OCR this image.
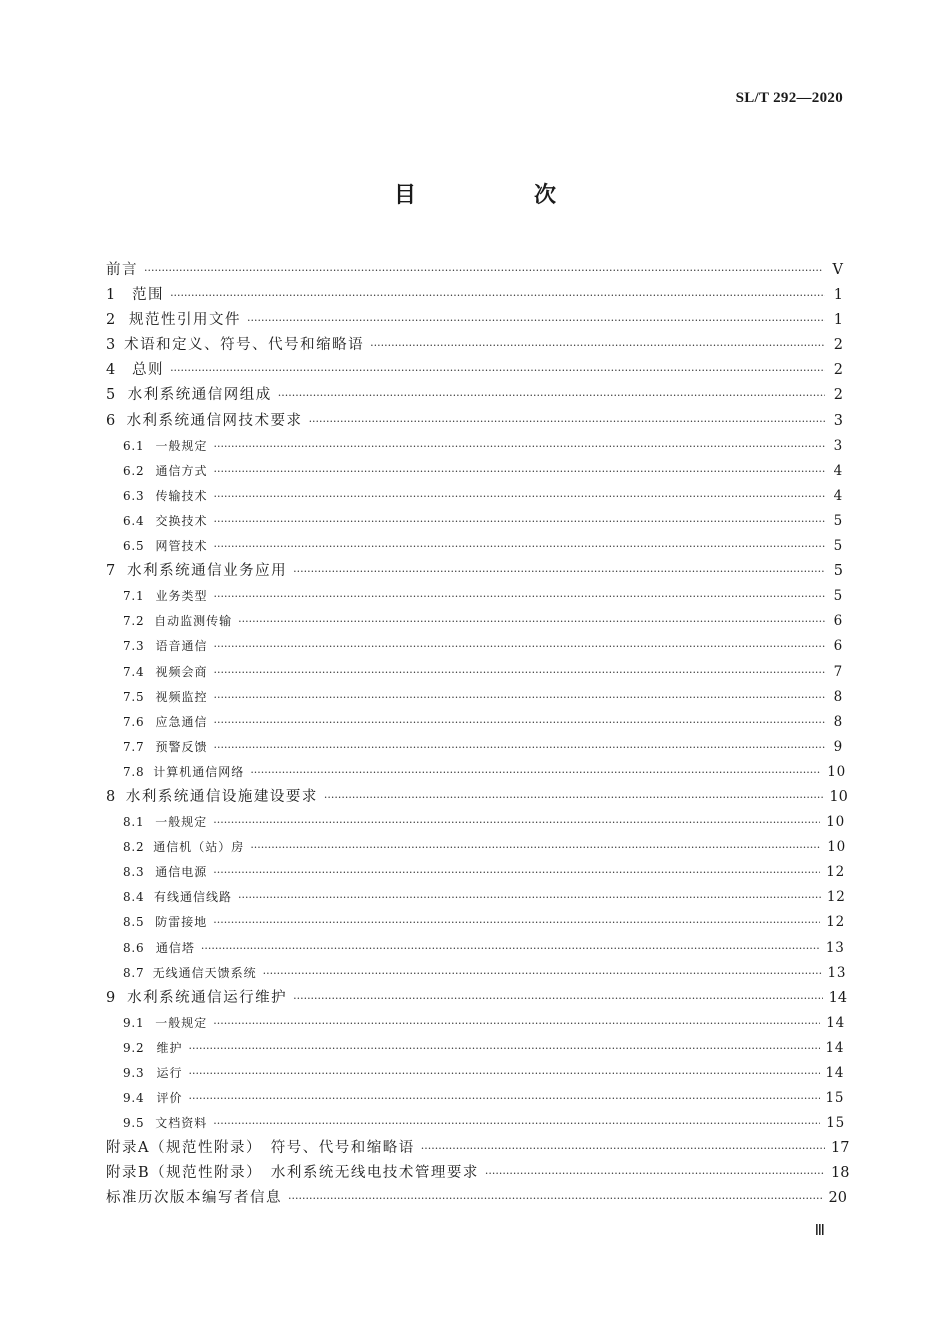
SL/T 292—2020
目　次
前言 ·····	Ⅴ
1	范围 ·····	1
2 规范性引用文件 ·····	1
3 术语和定义、符号、代号和缩略语 ·····	2
4	总则 ·····	2
5 水利系统通信网组成 ·····	2
6 水利系统通信网技术要求 ·····	3
6.1 一般规定 ·····	3
6.2 通信方式 ·····	4
6.3 传输技术 ·····	4
6.4 交换技术 ·····	5
6.5 网管技术 ·····	5
7 水利系统通信业务应用 ·····	5
7.1 业务类型 ·····	5
7.2 自动监测传输 ·····	6
7.3 语音通信 ·····	6
7.4 视频会商 ·····	7
7.5 视频监控 ·····	8
7.6 应急通信 ·····	8
7.7 预警反馈 ·····	9
7.8 计算机通信网络 ·····	10
8 水利系统通信设施建设要求 ·····	10
8.1 一般规定 ·····	10
8.2 通信机（站）房 ·····	10
8.3 通信电源 ·····	12
8.4 有线通信线路 ·····	12
8.5 防雷接地 ·····	12
8.6 通信塔 ·····	13
8.7 无线通信天馈系统 ·····	13
9 水利系统通信运行维护 ·····	14
9.1 一般规定 ·····	14
9.2	维护 ·····	14
9.3	运行 ·····	14
9.4	评价 ·····	15
9.5 文档资料 ·····	15
附录A（规范性附录）　符号、代号和缩略语 ·····	17
附录B（规范性附录）　水利系统无线电技术管理要求 ·····	18
标准历次版本编写者信息 ·····	20
Ⅲ
